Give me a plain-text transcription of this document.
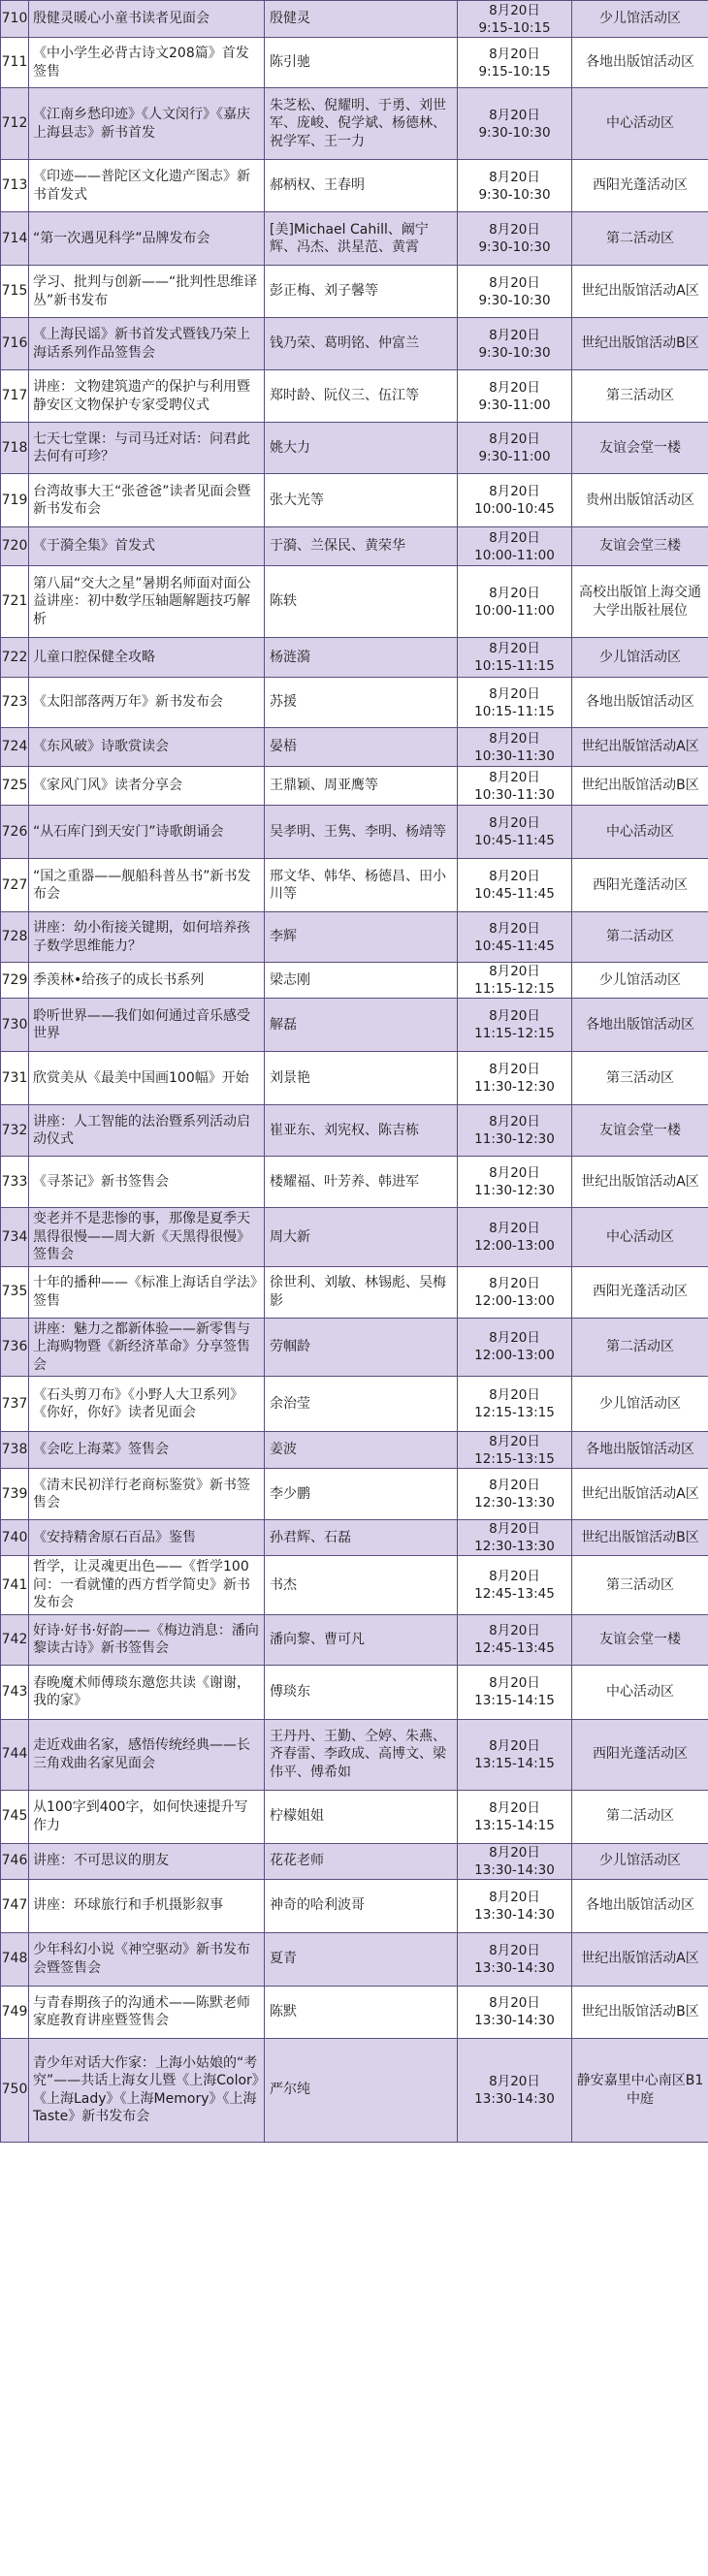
710	殷健灵暖心小童书读者见面会	殷健灵	8月20日
9:15-10:15	少儿馆活动区
711	《中小学生必背古诗文208篇》首发签售	陈引驰	8月20日
9:15-10:15	各地出版馆活动区
712	《江南乡愁印迹》《人文闵行》《嘉庆上海县志》新书首发	朱芝松、倪耀明、于勇、刘世军、庞峻、倪学斌、杨德林、祝学军、王一力	8月20日
9:30-10:30	中心活动区
713	《印迹——普陀区文化遗产图志》新书首发式	郝柄权、王春明	8月20日
9:30-10:30	西阳光蓬活动区
714	“第一次遇见科学”品牌发布会	[美]Michael Cahill、阚宁辉、冯杰、洪星范、黄霄	8月20日
9:30-10:30	第二活动区
715	学习、批判与创新——“批判性思维译丛”新书发布	彭正梅、刘子馨等	8月20日
9:30-10:30	世纪出版馆活动A区
716	《上海民谣》新书首发式暨钱乃荣上海话系列作品签售会	钱乃荣、葛明铭、仲富兰	8月20日
9:30-10:30	世纪出版馆活动B区
717	讲座：文物建筑遗产的保护与利用暨静安区文物保护专家受聘仪式	郑时龄、阮仪三、伍江等	8月20日
9:30-11:00	第三活动区
718	七天七堂课：与司马迁对话：问君此去何有可珍？	姚大力	8月20日
9:30-11:00	友谊会堂一楼
719	台湾故事大王“张爸爸”读者见面会暨新书发布会	张大光等	8月20日
10:00-10:45	贵州出版馆活动区
720	《于漪全集》首发式	于漪、兰保民、黄荣华	8月20日
10:00-11:00	友谊会堂三楼
721	第八届“交大之星”暑期名师面对面公益讲座：初中数学压轴题解题技巧解析	陈轶	8月20日
10:00-11:00	高校出版馆上海交通大学出版社展位
722	儿童口腔保健全攻略	杨涟漪	8月20日
10:15-11:15	少儿馆活动区
723	《太阳部落两万年》新书发布会	苏援	8月20日
10:15-11:15	各地出版馆活动区
724	《东风破》诗歌赏读会	晏梧	8月20日
10:30-11:30	世纪出版馆活动A区
725	《家风门风》读者分享会	王鼎颖、周亚鹰等	8月20日
10:30-11:30	世纪出版馆活动B区
726	“从石库门到天安门”诗歌朗诵会	吴孝明、王隽、李明、杨靖等	8月20日
10:45-11:45	中心活动区
727	“国之重器——舰船科普丛书”新书发布会	邢文华、韩华、杨德昌、田小川等	8月20日
10:45-11:45	西阳光蓬活动区
728	讲座：幼小衔接关键期，如何培养孩子数学思维能力？	李辉	8月20日
10:45-11:45	第二活动区
729	季羡林•给孩子的成长书系列	梁志刚	8月20日
11:15-12:15	少儿馆活动区
730	聆听世界——我们如何通过音乐感受世界	解磊	8月20日
11:15-12:15	各地出版馆活动区
731	欣赏美从《最美中国画100幅》开始	刘景艳	8月20日
11:30-12:30	第三活动区
732	讲座：人工智能的法治暨系列活动启动仪式	崔亚东、刘宪权、陈吉栋	8月20日
11:30-12:30	友谊会堂一楼
733	《寻茶记》新书签售会	楼耀福、叶芳养、韩进军	8月20日
11:30-12:30	世纪出版馆活动A区
734	变老并不是悲惨的事，那像是夏季天黑得很慢——周大新《天黑得很慢》签售会	周大新	8月20日
12:00-13:00	中心活动区
735	十年的播种——《标准上海话自学法》签售	徐世利、刘敏、林锡彪、吴梅影	8月20日
12:00-13:00	西阳光蓬活动区
736	讲座：魅力之都新体验——新零售与上海购物暨《新经济革命》分享签售会	劳帼龄	8月20日
12:00-13:00	第二活动区
737	《石头剪刀布》《小野人大卫系列》《你好，你好》读者见面会	余治莹	8月20日
12:15-13:15	少儿馆活动区
738	《会吃上海菜》签售会	姜波	8月20日
12:15-13:15	各地出版馆活动区
739	《清末民初洋行老商标鉴赏》新书签售会	李少鹏	8月20日
12:30-13:30	世纪出版馆活动A区
740	《安持精舍原石百品》鉴售	孙君辉、石磊	8月20日
12:30-13:30	世纪出版馆活动B区
741	哲学，让灵魂更出色——《哲学100问：一看就懂的西方哲学简史》新书发布会	书杰	8月20日
12:45-13:45	第三活动区
742	好诗·好书·好韵——《梅边消息：潘向黎读古诗》新书签售会	潘向黎、曹可凡	8月20日
12:45-13:45	友谊会堂一楼
743	春晚魔术师傅琰东邀您共读《谢谢，我的家》	傅琰东	8月20日
13:15-14:15	中心活动区
744	走近戏曲名家，感悟传统经典——长三角戏曲名家见面会	王丹丹、王勤、仝婷、朱燕、齐春雷、李政成、高博文、梁伟平、傅希如	8月20日
13:15-14:15	西阳光蓬活动区
745	从100字到400字，如何快速提升写作力	柠檬姐姐	8月20日
13:15-14:15	第二活动区
746	讲座：不可思议的朋友	花花老师	8月20日
13:30-14:30	少儿馆活动区
747	讲座：环球旅行和手机摄影叙事	神奇的哈利波哥	8月20日
13:30-14:30	各地出版馆活动区
748	少年科幻小说《神空驱动》新书发布会暨签售会	夏青	8月20日
13:30-14:30	世纪出版馆活动A区
749	与青春期孩子的沟通术——陈默老师家庭教育讲座暨签售会	陈默	8月20日
13:30-14:30	世纪出版馆活动B区
750	青少年对话大作家：上海小姑娘的“考究”——共话上海女儿暨《上海Color》《上海Lady》《上海Memory》《上海Taste》新书发布会	严尔纯	8月20日
13:30-14:30	静安嘉里中心南区B1中庭
